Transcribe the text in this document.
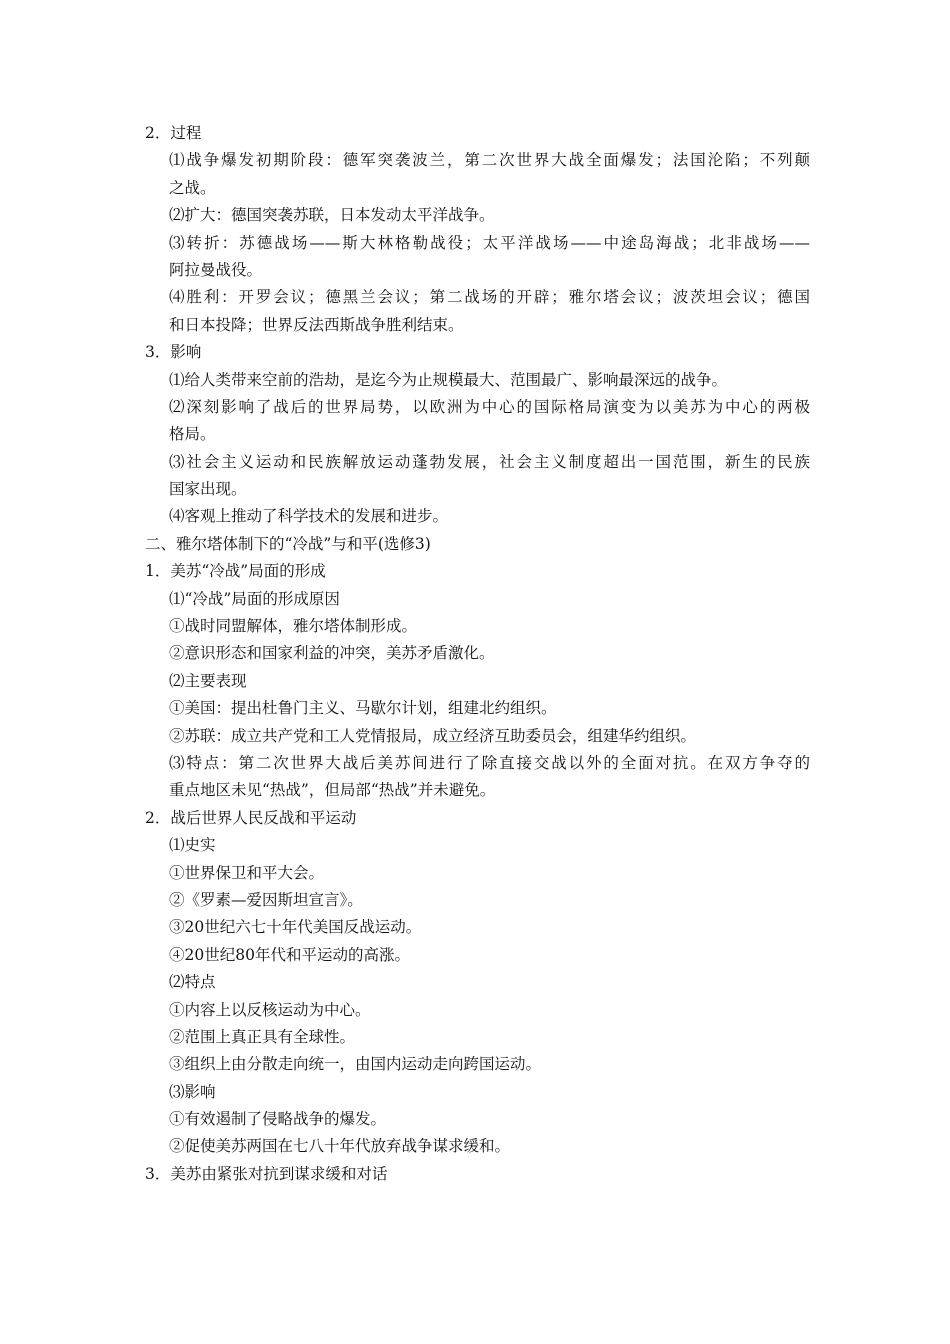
2．过程
⑴战争爆发初期阶段：德军突袭波兰，第二次世界大战全面爆发；法国沦陷；不列颠
之战。
⑵扩大：德国突袭苏联，日本发动太平洋战争。
⑶转折：苏德战场——斯大林格勒战役；太平洋战场——中途岛海战；北非战场——
阿拉曼战役。
⑷胜利：开罗会议；德黑兰会议；第二战场的开辟；雅尔塔会议；波茨坦会议；德国
和日本投降；世界反法西斯战争胜利结束。
3．影响
⑴给人类带来空前的浩劫，是迄今为止规模最大、范围最广、影响最深远的战争。
⑵深刻影响了战后的世界局势，以欧洲为中心的国际格局演变为以美苏为中心的两极
格局。
⑶社会主义运动和民族解放运动蓬勃发展，社会主义制度超出一国范围，新生的民族
国家出现。
⑷客观上推动了科学技术的发展和进步。
二、雅尔塔体制下的“冷战”与和平(选修3)
1．美苏“冷战”局面的形成
⑴“冷战”局面的形成原因
①战时同盟解体，雅尔塔体制形成。
②意识形态和国家利益的冲突，美苏矛盾激化。
⑵主要表现
①美国：提出杜鲁门主义、马歇尔计划，组建北约组织。
②苏联：成立共产党和工人党情报局，成立经济互助委员会，组建华约组织。
⑶特点：第二次世界大战后美苏间进行了除直接交战以外的全面对抗。在双方争夺的
重点地区未见“热战”，但局部“热战”并未避免。
2．战后世界人民反战和平运动
⑴史实
①世界保卫和平大会。
②《罗素—爱因斯坦宣言》。
③20世纪六七十年代美国反战运动。
④20世纪80年代和平运动的高涨。
⑵特点
①内容上以反核运动为中心。
②范围上真正具有全球性。
③组织上由分散走向统一，由国内运动走向跨国运动。
⑶影响
①有效遏制了侵略战争的爆发。
②促使美苏两国在七八十年代放弃战争谋求缓和。
3．美苏由紧张对抗到谋求缓和对话
